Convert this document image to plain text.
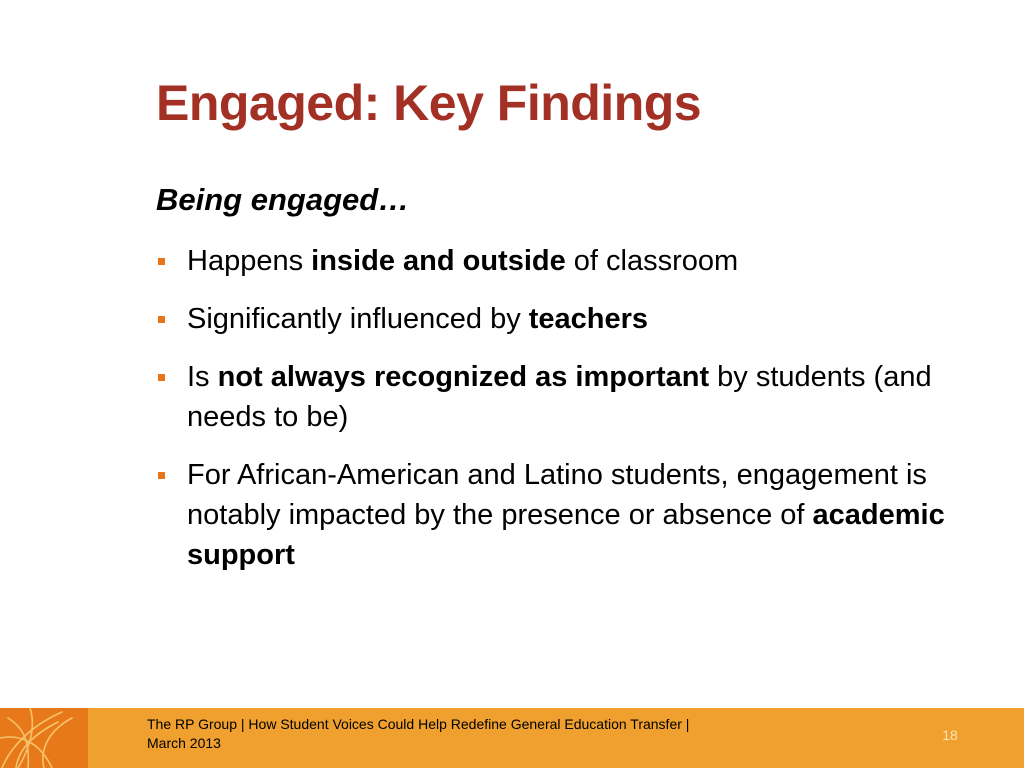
Engaged: Key Findings
Being engaged…
Happens inside and outside of classroom
Significantly influenced by teachers
Is not always recognized as important by students (and needs to be)
For African-American and Latino students, engagement is notably impacted by the presence or absence of academic support
The RP Group | How Student Voices Could Help Redefine General Education Transfer |
March 2013	18
